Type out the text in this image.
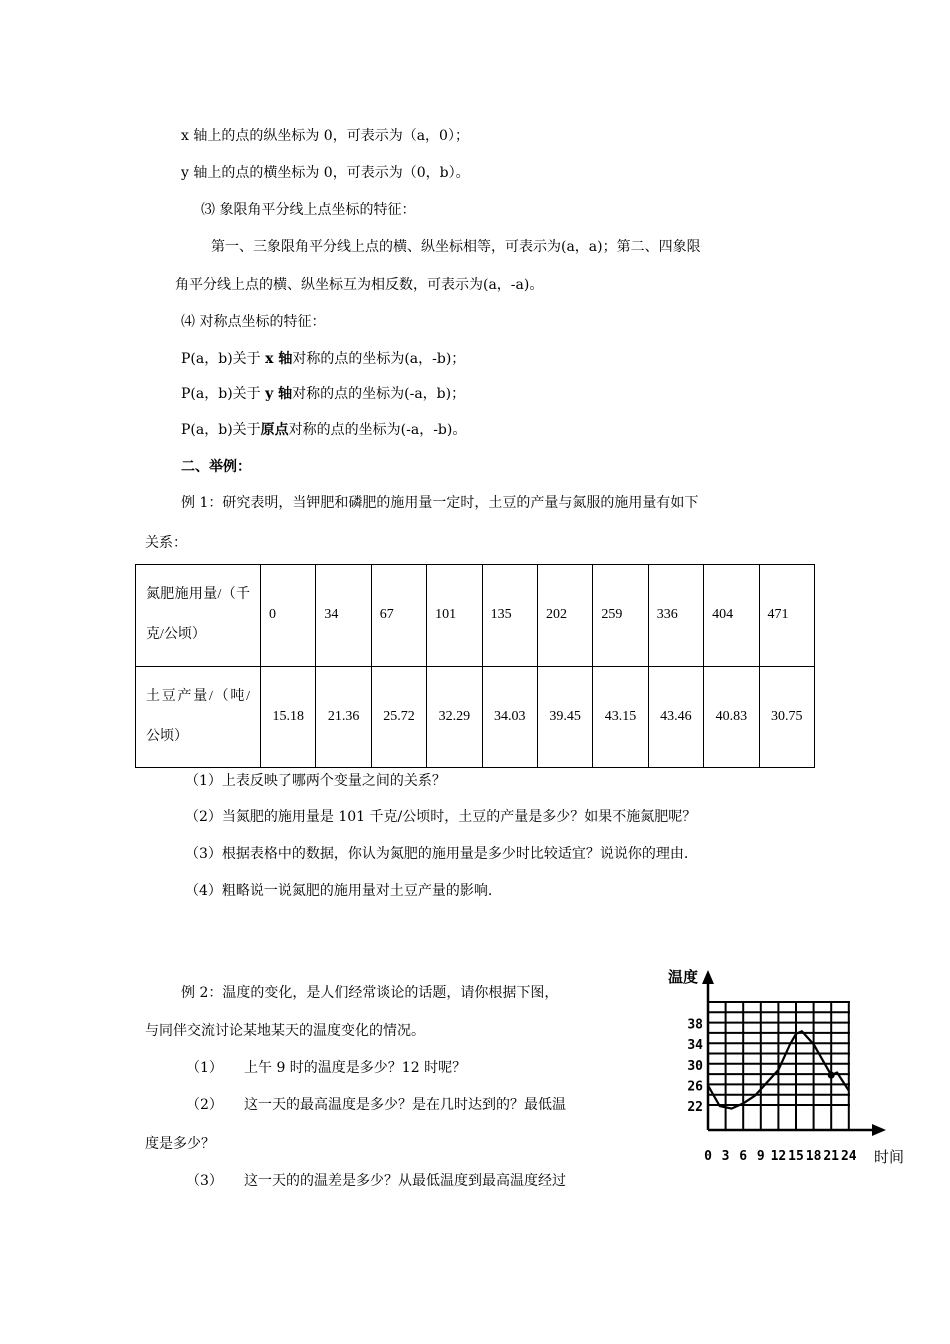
x 轴上的点的纵坐标为 0，可表示为（a，0）；
y 轴上的点的横坐标为 0，可表示为（0，b）。
⑶ 象限角平分线上点坐标的特征：
第一、三象限角平分线上点的横、纵坐标相等，可表示为(a，a)；第二、四象限
角平分线上点的横、纵坐标互为相反数，可表示为(a，-a)。
⑷ 对称点坐标的特征：
P(a，b)关于 x 轴对称的点的坐标为(a，-b)；
P(a，b)关于 y 轴对称的点的坐标为(-a，b)；
P(a，b)关于原点对称的点的坐标为(-a，-b)。
二、举例：
例 1：研究表明，当钾肥和磷肥的施用量一定时，土豆的产量与氮服的施用量有如下
关系：
氮肥施用量/（千克/公顷）	0	34	67	101	135	202	259	336	404	471
土豆产量/（吨/公顷）	15.18	21.36	25.72	32.29	34.03	39.45	43.15	43.46	40.83	30.75
（1）上表反映了哪两个变量之间的关系？
（2）当氮肥的施用量是 101 千克/公顷时，土豆的产量是多少？如果不施氮肥呢？
（3）根据表格中的数据，你认为氮肥的施用量是多少时比较适宜？说说你的理由.
（4）粗略说一说氮肥的施用量对土豆产量的影响.
例 2：温度的变化，是人们经常谈论的话题，请你根据下图，
与同伴交流讨论某地某天的温度变化的情况。
（1） 上午 9 时的温度是多少？12 时呢？
（2） 这一天的最高温度是多少？是在几时达到的？最低温
度是多少？
（3） 这一天的的温差是多少？从最低温度到最高温度经过
22
26
30
34
38
0 3 6 9 12 15 18 21 24
温度
时间
